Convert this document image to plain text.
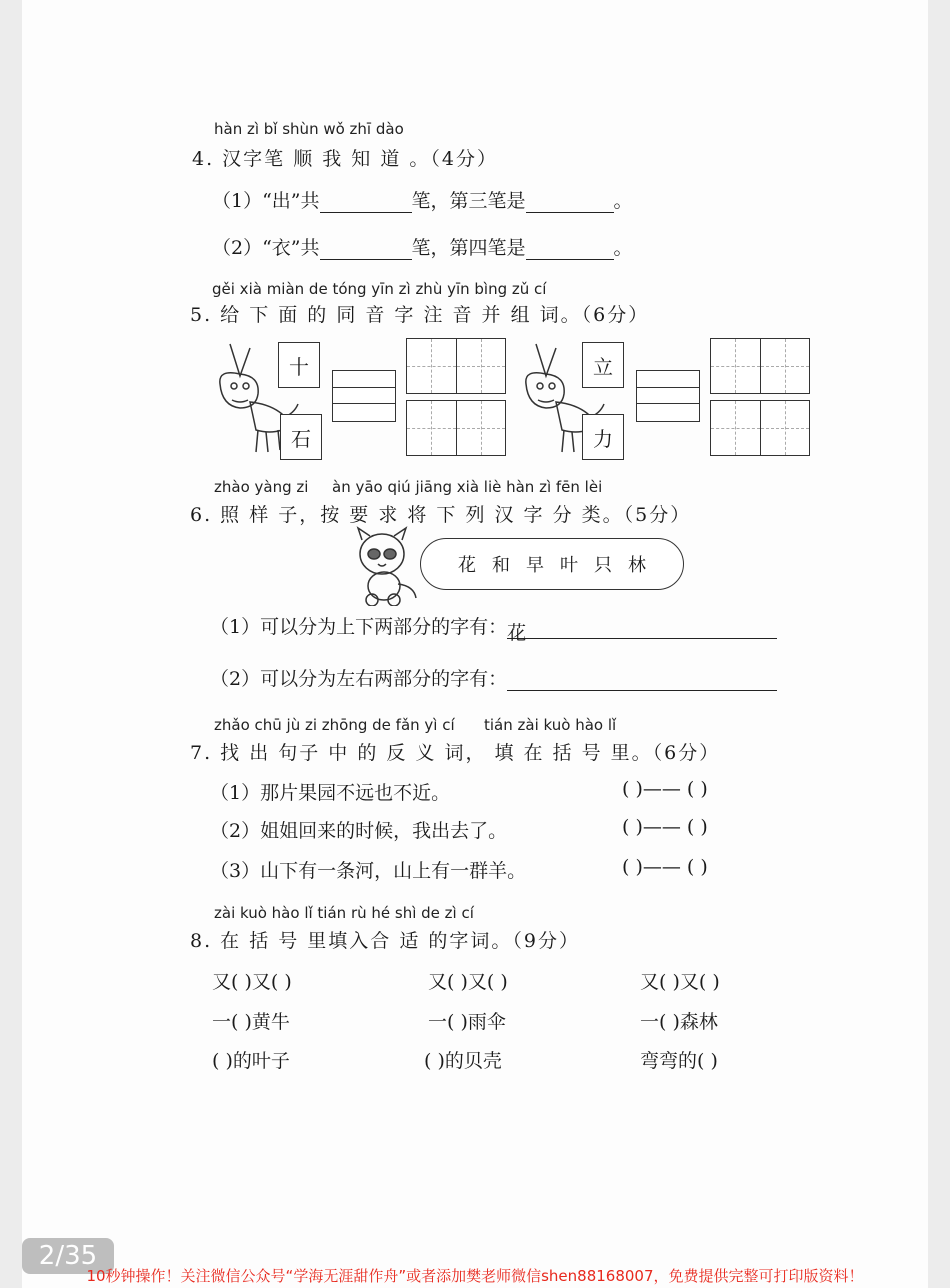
hàn zì bǐ shùn wǒ zhī dào
4. 汉字笔 顺 我 知 道 。（4分）
（1）“出”共	笔，第三笔是	。
（2）“衣”共	笔，第四笔是	。
gěi xià miàn de tóng yīn zì zhù yīn bìng zǔ cí
5. 给 下 面 的 同 音 字 注 音 并 组 词。（6分）
十
石
立
力
zhào yàng zi àn yāo qiú jiāng xià liè hàn zì fēn lèi
6. 照 样 子，按 要 求 将 下 列 汉 字 分 类。（5分）
花和早叶只林
（1）可以分为上下两部分的字有：花
（2）可以分为左右两部分的字有：
zhǎo chū jù zi zhōng de fǎn yì cí tián zài kuò hào lǐ
7. 找 出 句子 中 的 反 义 词， 填 在 括 号 里。（6分）
（1）那片果园不远也不近。	( )—— ( )
（2）姐姐回来的时候，我出去了。	( )—— ( )
（3）山下有一条河，山上有一群羊。	( )—— ( )
zài kuò hào lǐ tián rù hé shì de zì cí
8. 在 括 号 里填入合 适 的字词。（9分）
又( )又( )	又( )又( )	又( )又( )
一( )黄牛	一( )雨伞	一( )森林
( )的叶子	( )的贝壳	弯弯的( )
2/35
10秒钟操作！关注微信公众号“学海无涯甜作舟”或者添加樊老师微信shen88168007，免费提供完整可打印版资料！
